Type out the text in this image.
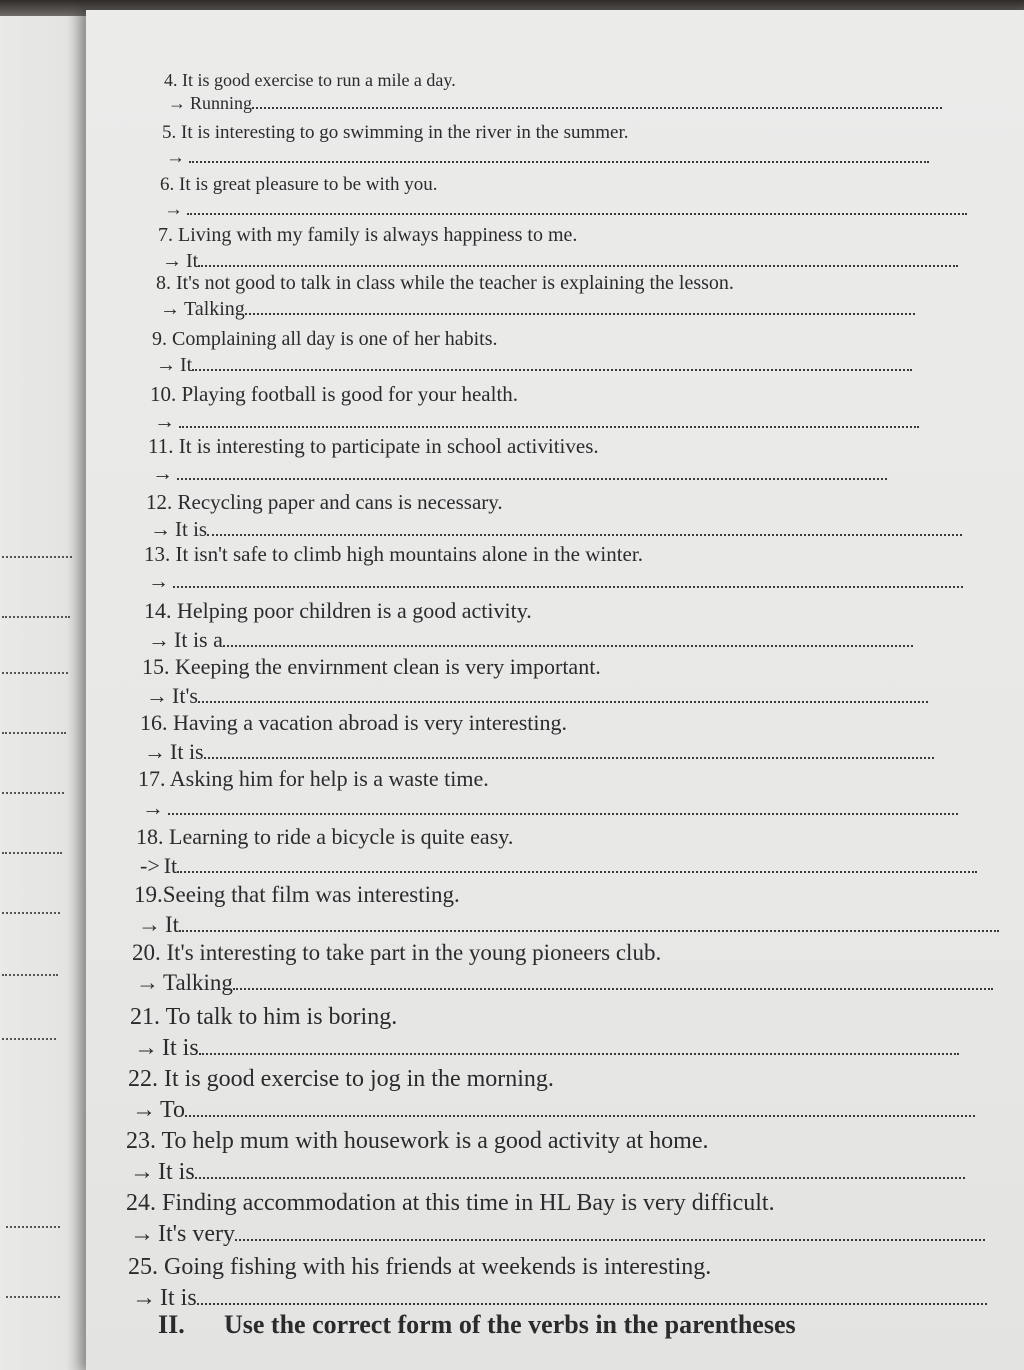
4. It is good exercise to run a mile a day.
→ Running
5. It is interesting to go swimming in the river in the summer.
→
6. It is great pleasure to be with you.
→
7. Living with my family is always happiness to me.
→ It
8. It's not good to talk in class while the teacher is explaining the lesson.
→ Talking
9. Complaining all day is one of her habits.
→ It
10. Playing football is good for your health.
→
11. It is interesting to participate in school activitives.
→
12. Recycling paper and cans is necessary.
→ It is
13. It isn't safe to climb high mountains alone in the winter.
→
14. Helping poor children is a good activity.
→ It is a
15. Keeping the envirnment clean is very important.
→ It's
16. Having a vacation abroad is very interesting.
→ It is
17. Asking him for help is a waste time.
→
18. Learning to ride a bicycle is quite easy.
-> It
19.Seeing that film was interesting.
→ It
20. It's interesting to take part in the young pioneers club.
→ Talking
21. To talk to him is boring.
→ It is
22. It is good exercise to jog in the morning.
→ To
23. To help mum with housework is a good activity at home.
→ It is
24. Finding accommodation at this time in HL Bay is very difficult.
→ It's very
25. Going fishing with his friends at weekends is interesting.
→ It is
II. Use the correct form of the verbs in the parentheses
